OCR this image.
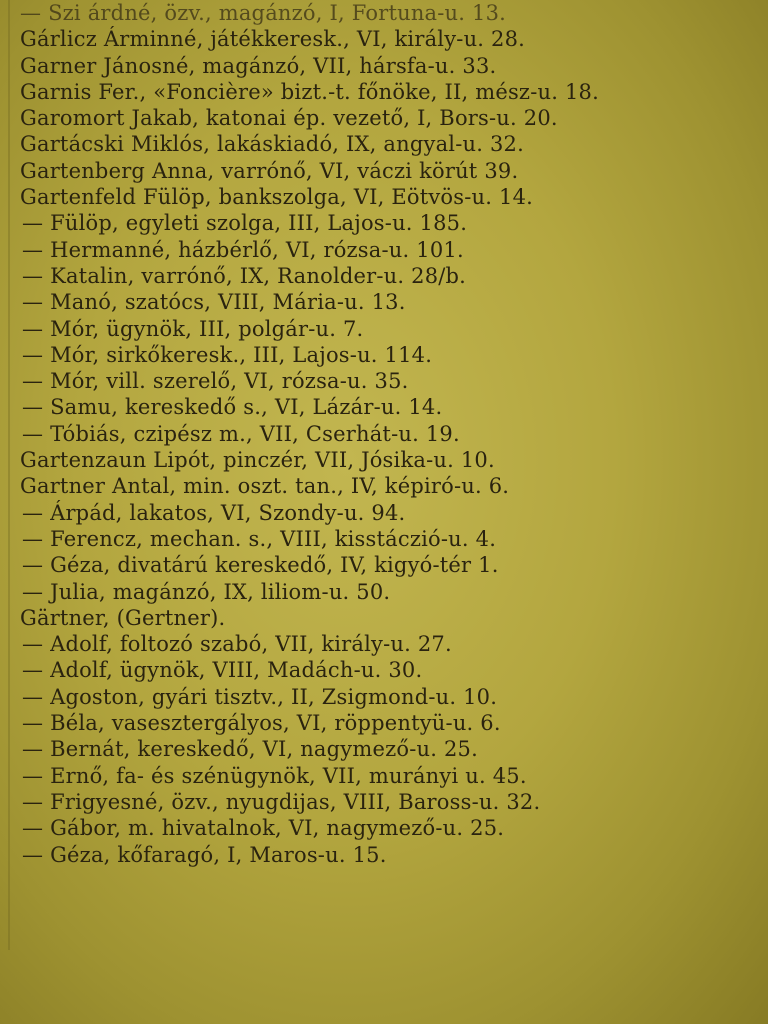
— Szi árdné, özv., magánzó, I, Fortuna-u. 13.
Gárlicz Árminné, játékkeresk., VI, király-u. 28.
Garner Jánosné, magánzó, VII, hársfa-u. 33.
Garnis Fer., «Foncière» bizt.-t. főnöke, II, mész-u. 18.
Garomort Jakab, katonai ép. vezető, I, Bors-u. 20.
Gartácski Miklós, lakáskiadó, IX, angyal-u. 32.
Gartenberg Anna, varrónő, VI, váczi körút 39.
Gartenfeld Fülöp, bankszolga, VI, Eötvös-u. 14.
— Fülöp, egyleti szolga, III, Lajos-u. 185.
— Hermanné, házbérlő, VI, rózsa-u. 101.
— Katalin, varrónő, IX, Ranolder-u. 28/b.
— Manó, szatócs, VIII, Mária-u. 13.
— Mór, ügynök, III, polgár-u. 7.
— Mór, sirkőkeresk., III, Lajos-u. 114.
— Mór, vill. szerelő, VI, rózsa-u. 35.
— Samu, kereskedő s., VI, Lázár-u. 14.
— Tóbiás, czipész m., VII, Cserhát-u. 19.
Gartenzaun Lipót, pinczér, VII, Jósika-u. 10.
Gartner Antal, min. oszt. tan., IV, képiró-u. 6.
— Árpád, lakatos, VI, Szondy-u. 94.
— Ferencz, mechan. s., VIII, kisstáczió-u. 4.
— Géza, divatárú kereskedő, IV, kigyó-tér 1.
— Julia, magánzó, IX, liliom-u. 50.
Gärtner, (Gertner).
— Adolf, foltozó szabó, VII, király-u. 27.
— Adolf, ügynök, VIII, Madách-u. 30.
— Agoston, gyári tisztv., II, Zsigmond-u. 10.
— Béla, vasesztergályos, VI, röppentyü-u. 6.
— Bernát, kereskedő, VI, nagymező-u. 25.
— Ernő, fa- és szénügynök, VII, murányi u. 45.
— Frigyesné, özv., nyugdijas, VIII, Baross-u. 32.
— Gábor, m. hivatalnok, VI, nagymező-u. 25.
— Géza, kőfaragó, I, Maros-u. 15.
